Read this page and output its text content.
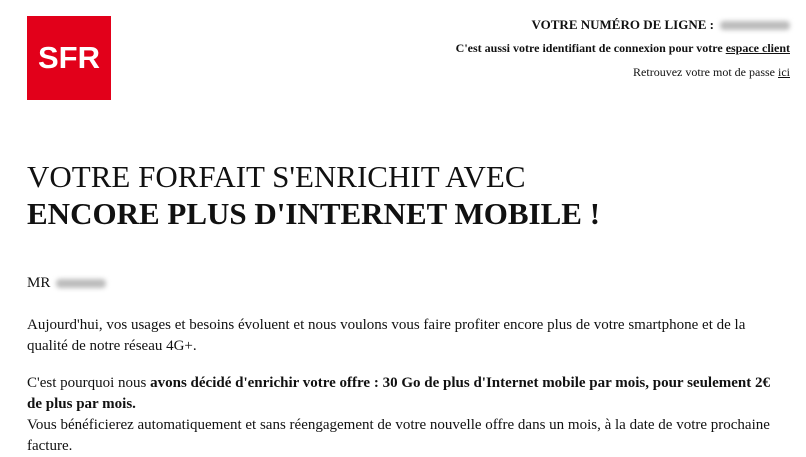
SFR
VOTRE NUMÉRO DE LIGNE :
C'est aussi votre identifiant de connexion pour votre espace client
Retrouvez votre mot de passe ici
VOTRE FORFAIT S'ENRICHIT AVEC
ENCORE PLUS D'INTERNET MOBILE !
MR
Aujourd'hui, vos usages et besoins évoluent et nous voulons vous faire profiter encore plus de votre smartphone et de la qualité de notre réseau 4G+.
C'est pourquoi nous avons décidé d'enrichir votre offre : 30 Go de plus d'Internet mobile par mois, pour seulement 2€ de plus par mois.
Vous bénéficierez automatiquement et sans réengagement de votre nouvelle offre dans un mois, à la date de votre prochaine facture.
